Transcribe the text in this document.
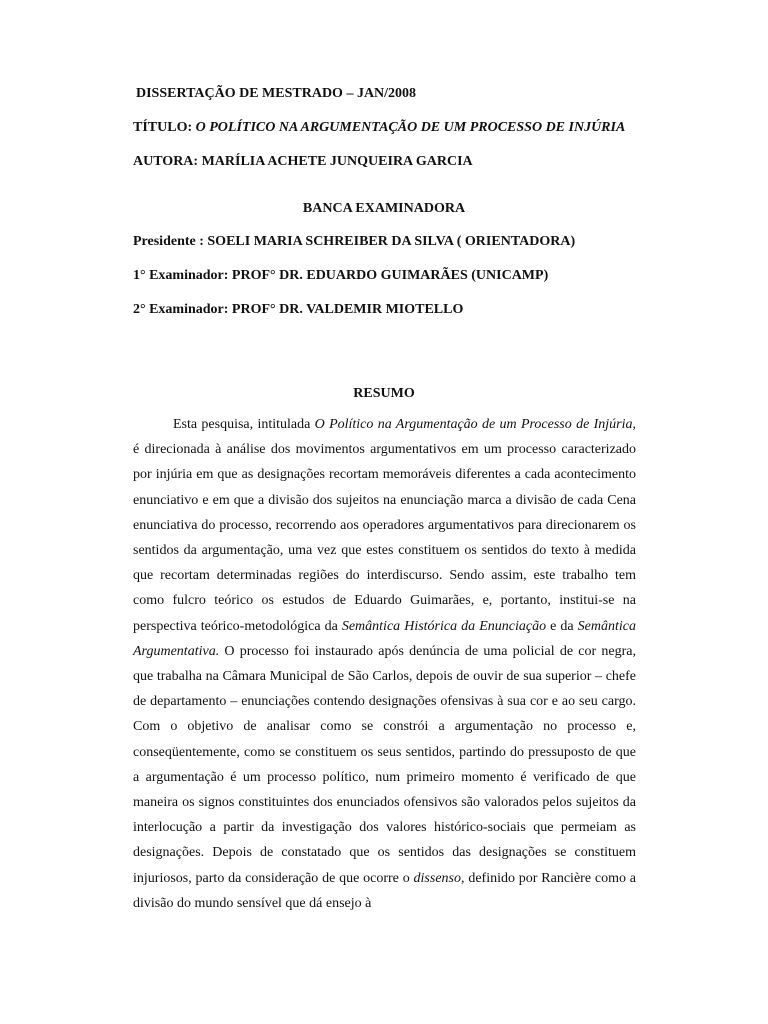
DISSERTAÇÃO DE MESTRADO – JAN/2008
TÍTULO: O POLÍTICO NA ARGUMENTAÇÃO DE UM PROCESSO DE INJÚRIA
AUTORA: MARÍLIA ACHETE JUNQUEIRA GARCIA
BANCA EXAMINADORA
Presidente : SOELI MARIA SCHREIBER DA SILVA ( ORIENTADORA)
1° Examinador: PROF° DR. EDUARDO GUIMARÃES (UNICAMP)
2° Examinador: PROF° DR. VALDEMIR MIOTELLO
RESUMO

Esta pesquisa, intitulada O Político na Argumentação de um Processo de Injúria, é direcionada à análise dos movimentos argumentativos em um processo caracterizado por injúria em que as designações recortam memoráveis diferentes a cada acontecimento enunciativo e em que a divisão dos sujeitos na enunciação marca a divisão de cada Cena enunciativa do processo, recorrendo aos operadores argumentativos para direcionarem os sentidos da argumentação, uma vez que estes constituem os sentidos do texto à medida que recortam determinadas regiões do interdiscurso. Sendo assim, este trabalho tem como fulcro teórico os estudos de Eduardo Guimarães, e, portanto, institui-se na perspectiva teórico-metodológica da Semântica Histórica da Enunciação e da Semântica Argumentativa. O processo foi instaurado após denúncia de uma policial de cor negra, que trabalha na Câmara Municipal de São Carlos, depois de ouvir de sua superior – chefe de departamento – enunciações contendo designações ofensivas à sua cor e ao seu cargo. Com o objetivo de analisar como se constrói a argumentação no processo e, conseqüentemente, como se constituem os seus sentidos, partindo do pressuposto de que a argumentação é um processo político, num primeiro momento é verificado de que maneira os signos constituintes dos enunciados ofensivos são valorados pelos sujeitos da interlocução a partir da investigação dos valores histórico-sociais que permeiam as designações. Depois de constatado que os sentidos das designações se constituem injuriosos, parto da consideração de que ocorre o dissenso, definido por Rancière como a divisão do mundo sensível que dá ensejo à
